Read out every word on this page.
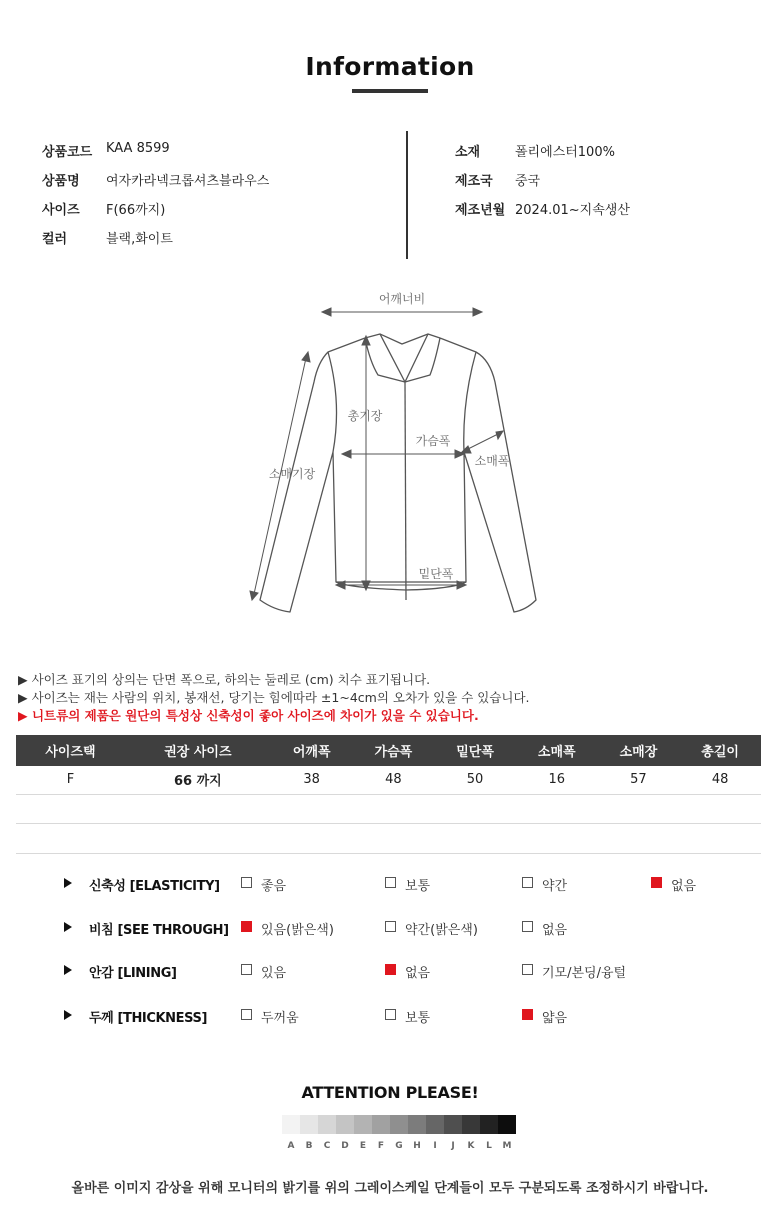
Information
상품코드 KAA 8599
상품명 여자카라넥크롭셔츠블라우스
사이즈 F(66까지)
컬러	블랙,화이트
소재	폴리에스터100%
제조국 중국
제조년월 2024.01~지속생산
어깨너비
총기장
가슴폭
소매폭
소매기장
밑단폭
▶ 사이즈 표기의 상의는 단면 폭으로, 하의는 둘레로 (cm) 치수 표기됩니다.
▶ 사이즈는 재는 사람의 위치, 봉재선, 당기는 힘에따라 ±1~4cm의 오차가 있을 수 있습니다.
▶ 니트류의 제품은 원단의 특성상 신축성이 좋아 사이즈에 차이가 있을 수 있습니다.
사이즈택	권장 사이즈	어깨폭	가슴폭	밑단폭	소매폭	소매장	총길이
F	66 까지	38	48	50	16	57	48
신축성 [ELASTICITY]	좋음	보통	약간	없음
비침 [SEE THROUGH] 있음(밝은색)	약간(밝은색)	없음
안감 [LINING]	있음	없음	기모/본딩/융털
두께 [THICKNESS]	두꺼움	보통	얇음
ATTENTION PLEASE!
A	B	C	D	E	F	G	H	I	J	K	L	M
올바른 이미지 감상을 위해 모니터의 밝기를 위의 그레이스케일 단계들이 모두 구분되도록 조정하시기 바랍니다.
